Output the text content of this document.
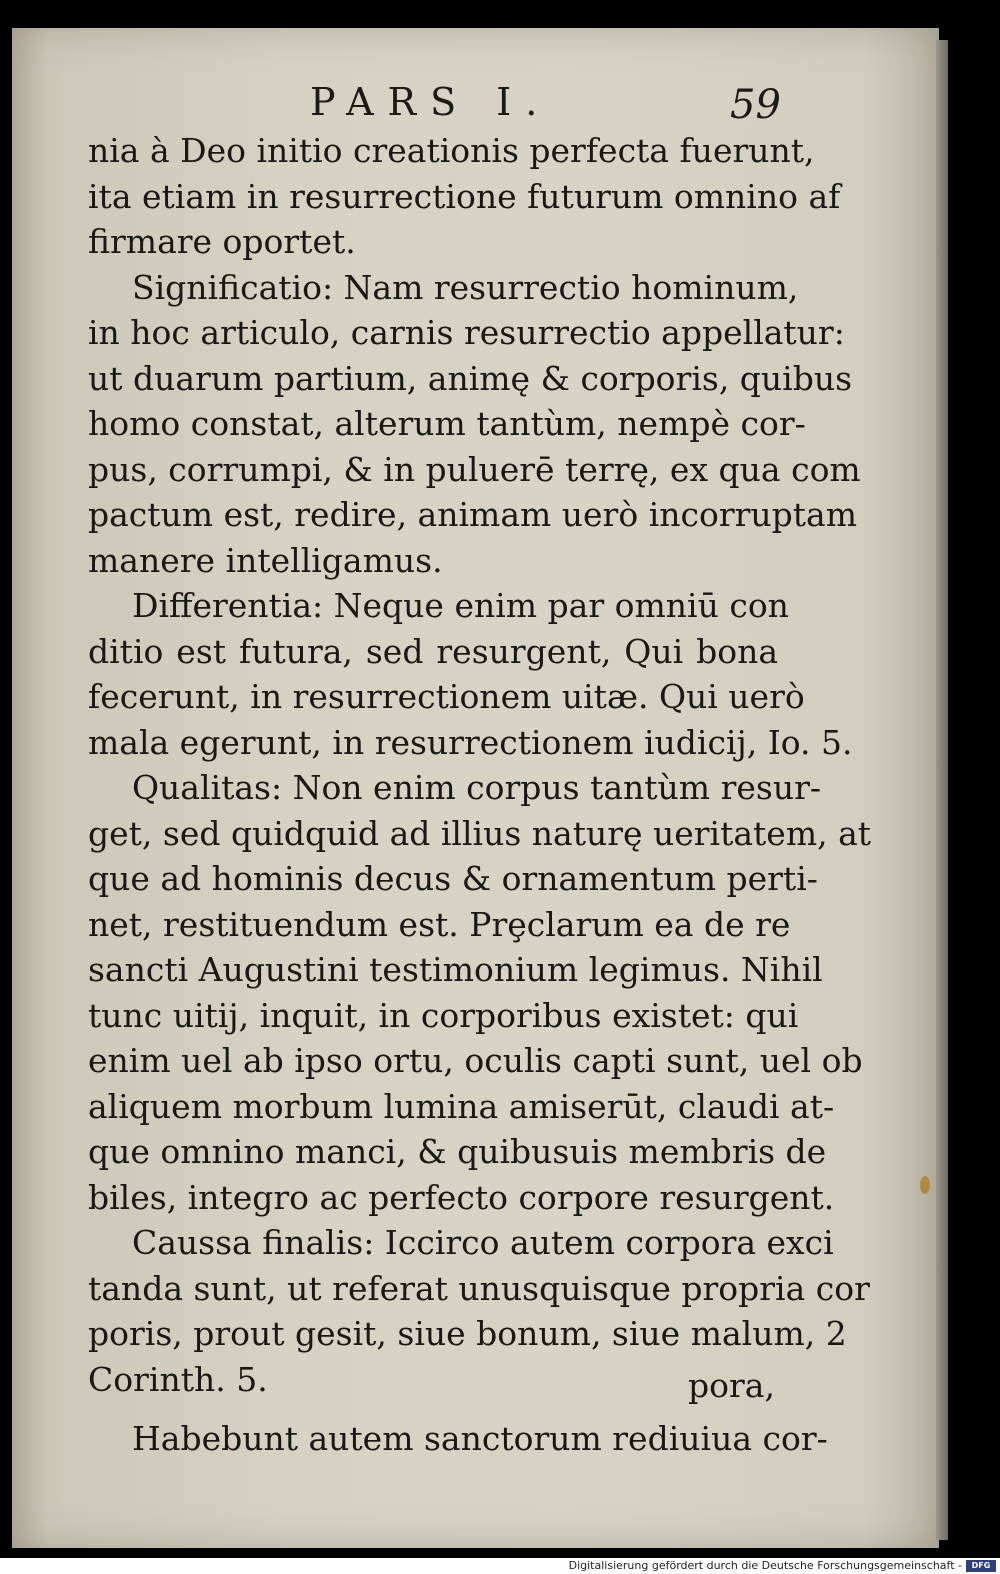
PARS I.	59
nia à Deo initio creationis perfecta fuerunt,
ita etiam in resurrectione futurum omnino af
firmare oportet.
Significatio: Nam resurrectio hominum,
in hoc articulo, carnis resurrectio appellatur:
ut duarum partium, animę & corporis, quibus
homo constat, alterum tantùm, nempè cor-
pus, corrumpi, & in puluerē terrę, ex qua com
pactum est, redire, animam uerò incorruptam
manere intelligamus.
Differentia: Neque enim par omniū con
ditio est futura, sed resurgent, Qui bona
fecerunt, in resurrectionem uitæ. Qui uerò
mala egerunt, in resurrectionem iudicij, Io. 5.
Qualitas: Non enim corpus tantùm resur-
get, sed quidquid ad illius naturę ueritatem, at
que ad hominis decus & ornamentum perti-
net, restituendum est. Prȩclarum ea de re
sancti Augustini testimonium legimus. Nihil
tunc uitij, inquit, in corporibus existet: qui
enim uel ab ipso ortu, oculis capti sunt, uel ob
aliquem morbum lumina amiserūt, claudi at-
que omnino manci, & quibusuis membris de
biles, integro ac perfecto corpore resurgent.
Caussa finalis: Iccirco autem corpora exci
tanda sunt, ut referat unusquisque propria cor
poris, prout gesit, siue bonum, siue malum, 2
Corinth. 5.
Habebunt autem sanctorum rediuiua cor-
pora,
Digitalisierung gefördert durch die Deutsche Forschungsgemeinschaft -	DFG
